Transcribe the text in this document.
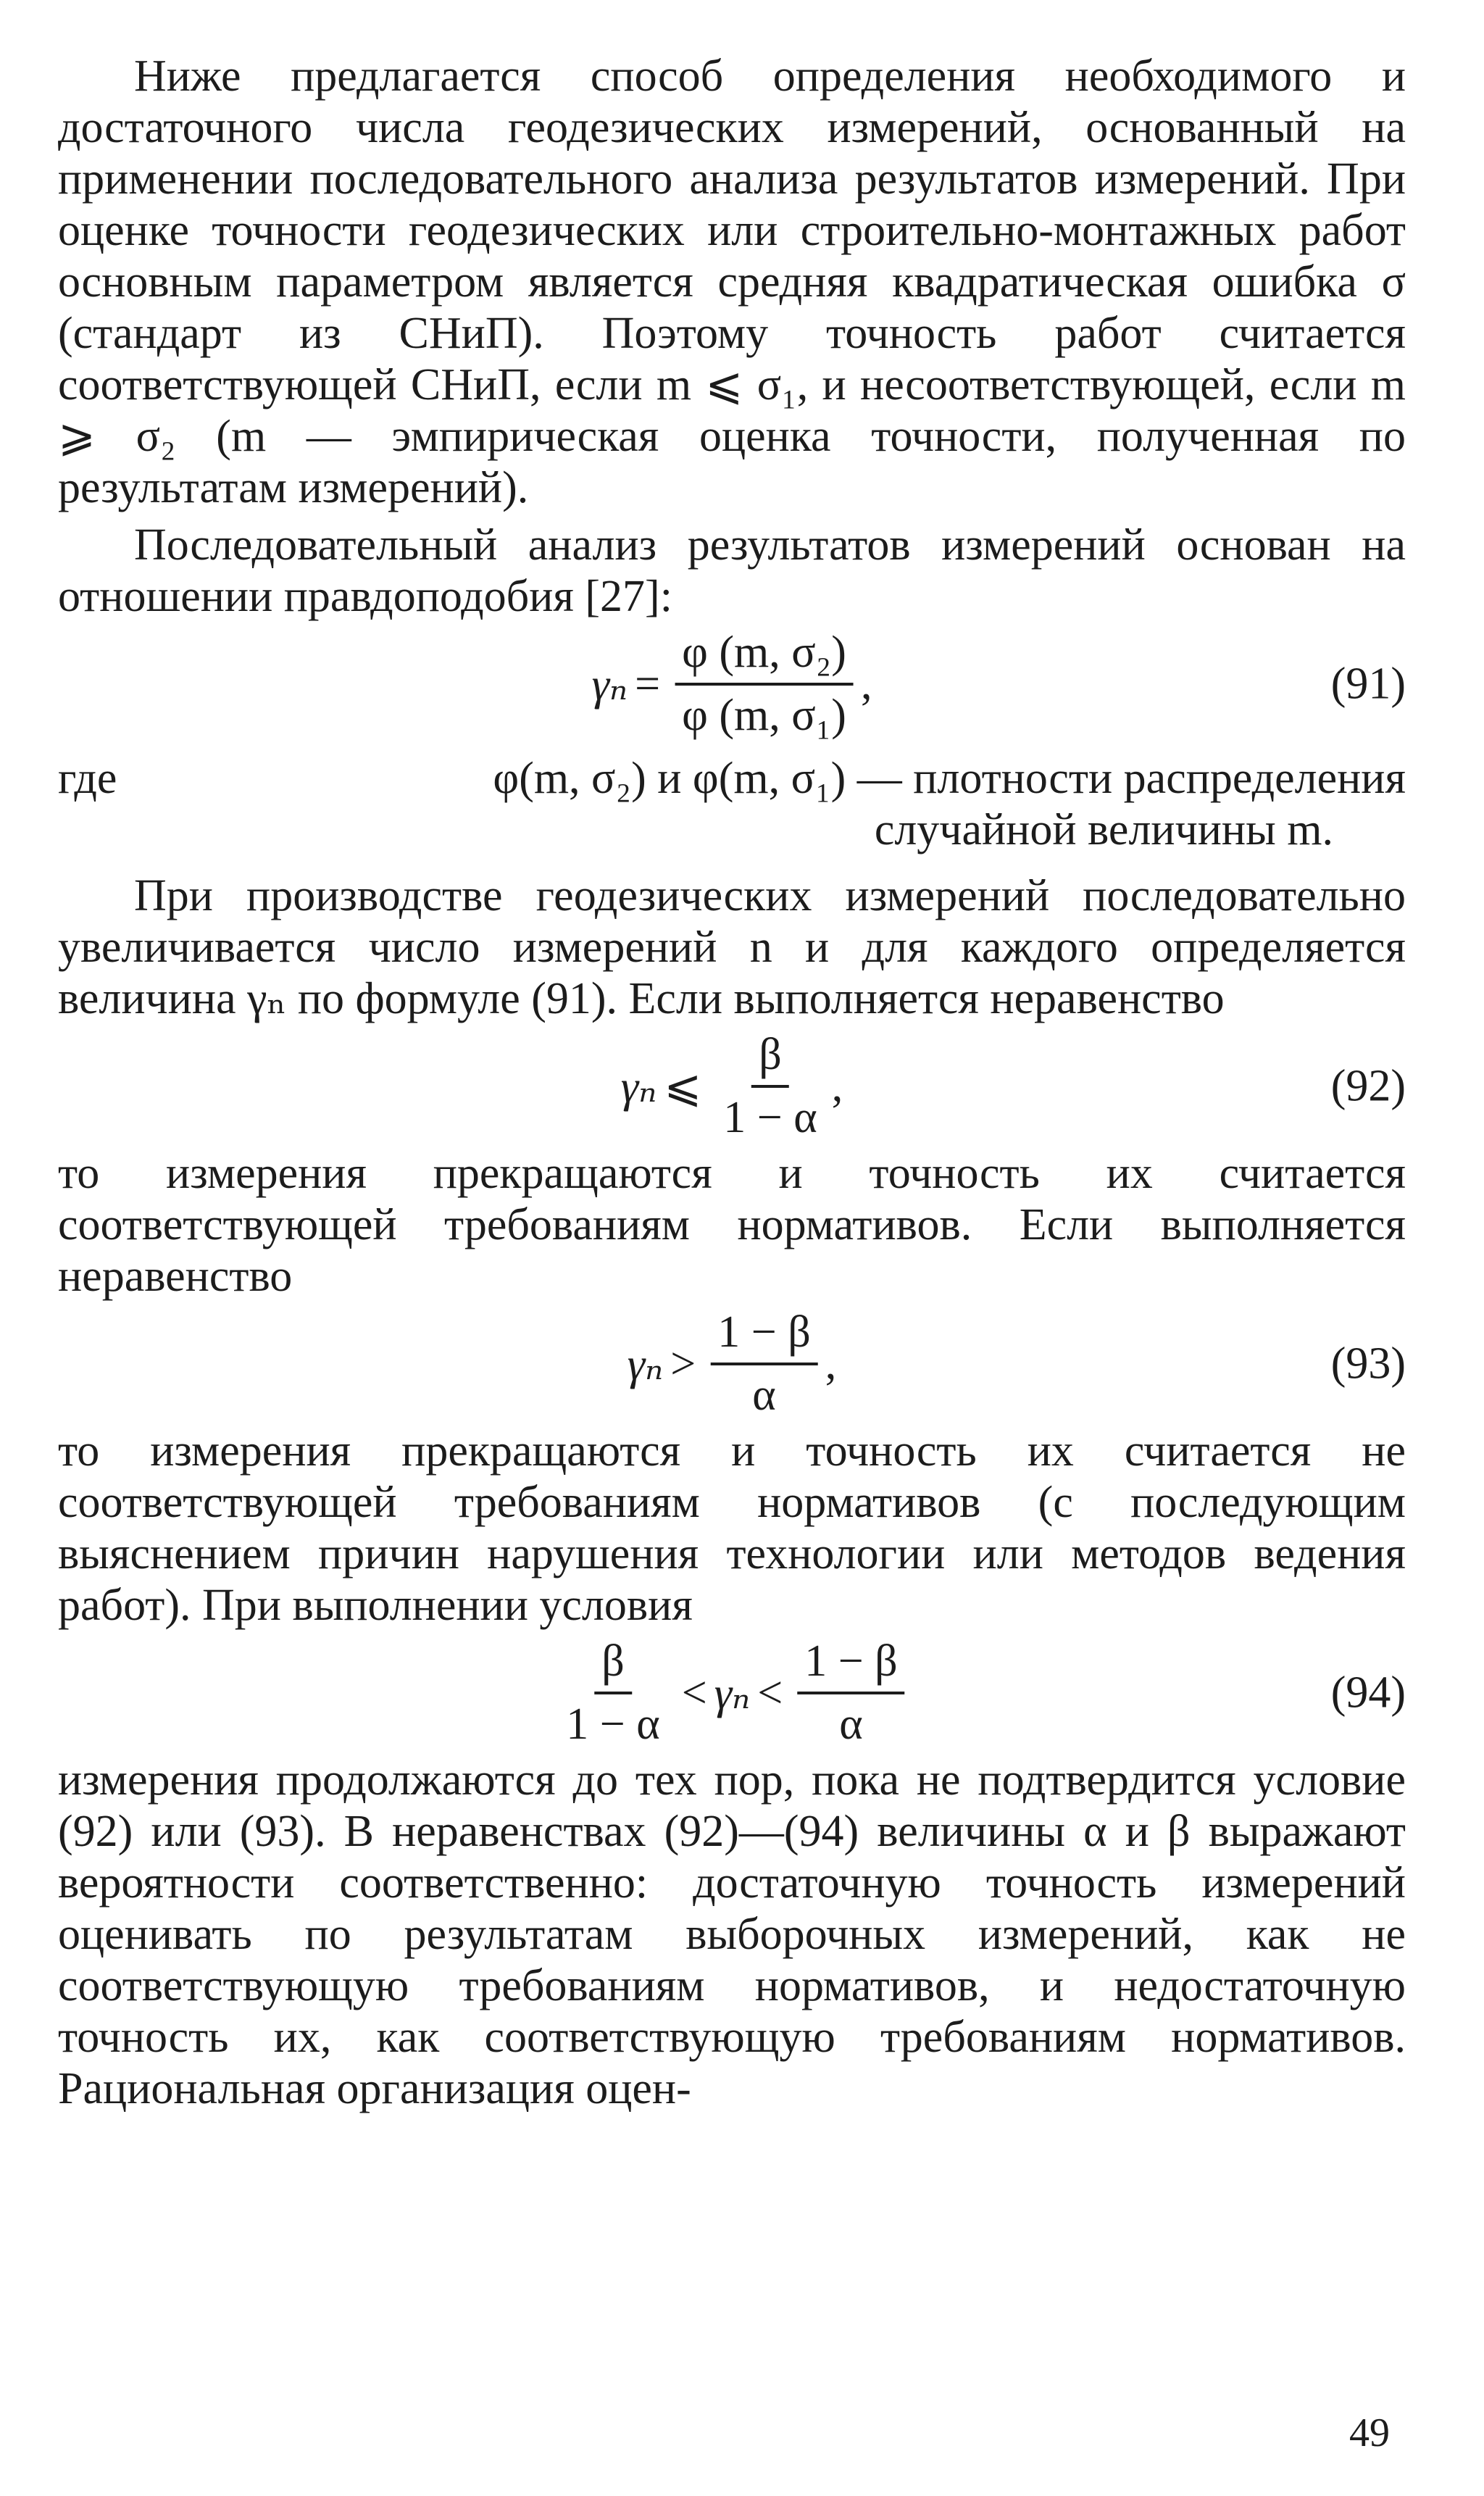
Ниже предлагается способ определения необходимого и достаточного числа геодезических измерений, основанный на применении последовательного анализа результатов измерений. При оценке точности геодезических или строительно-монтажных работ основным параметром является средняя квадратическая ошибка σ (стандарт из СНиП). Поэтому точность работ считается соответствующей СНиП, если m ⩽ σ₁, и несоответствующей, если m ⩾ σ₂ (m — эмпирическая оценка точности, полученная по результатам измерений).

Последовательный анализ результатов измерений основан на отношении правдоподобия [27]:

$\gamma_n = \frac{\text{φ (m, σ₂)}}{\text{φ (m, σ₁)}}$ ,	(91)
где	φ(m, σ₂) и φ(m, σ₁) — плотности распределения
случайной величины m.

При производстве геодезических измерений последовательно увеличивается число измерений n и для каждого определяется величина γₙ по формуле (91). Если выполняется неравенство

γₙ ⩽ $\frac{\beta}{1 - \alpha}$ ,	(92)

то измерения прекращаются и точность их считается соответствующей требованиям нормативов. Если выполняется неравенство

$\gamma_n > \frac{1 - \beta}{\alpha}$ ,	(93)

то измерения прекращаются и точность их считается не соответствующей требованиям нормативов (с последующим выяснением причин нарушения технологии или методов ведения работ). При выполнении условия

$\frac{\beta}{1 - \alpha} < \gamma_n < \frac{1 - \beta}{\alpha}$	(94)

измерения продолжаются до тех пор, пока не подтвердится условие (92) или (93). В неравенствах (92)—(94) величины α и β выражают вероятности соответственно: достаточную точность измерений оценивать по результатам выборочных измерений, как не соответствующую требованиям нормативов, и недостаточную точность их, как соответствующую требованиям нормативов. Рациональная организация оцен-

49
